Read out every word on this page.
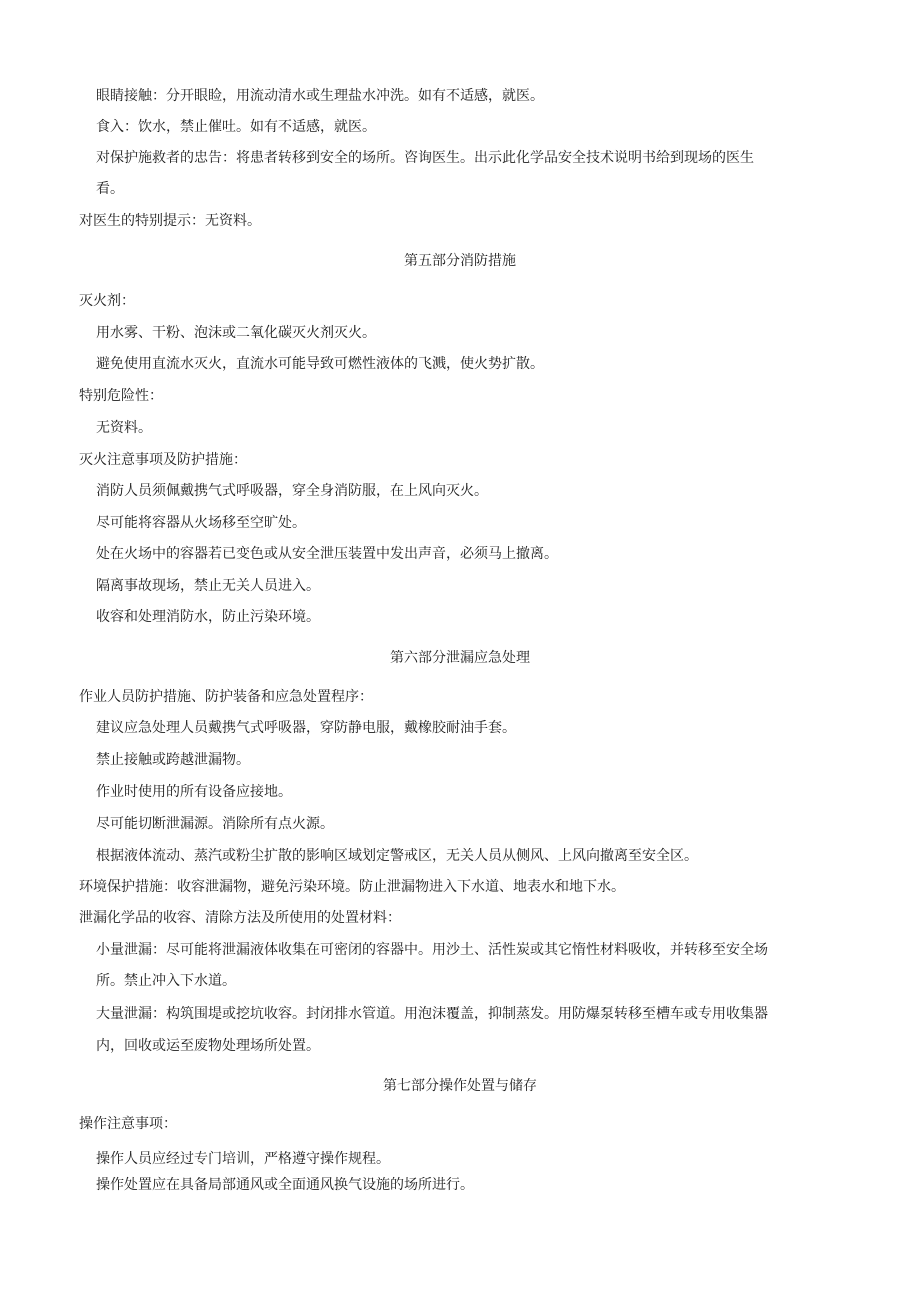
眼睛接触：分开眼睑，用流动清水或生理盐水冲洗。如有不适感，就医。

食入：饮水，禁止催吐。如有不适感，就医。

对保护施救者的忠告：将患者转移到安全的场所。咨询医生。出示此化学品安全技术说明书给到现场的医生

看。

对医生的特别提示：无资料。

第五部分消防措施

灭火剂：

用水雾、干粉、泡沫或二氧化碳灭火剂灭火。

避免使用直流水灭火，直流水可能导致可燃性液体的飞溅，使火势扩散。

特别危险性：

无资料。

灭火注意事项及防护措施：

消防人员须佩戴携气式呼吸器，穿全身消防服，在上风向灭火。

尽可能将容器从火场移至空旷处。

处在火场中的容器若已变色或从安全泄压装置中发出声音，必须马上撤离。

隔离事故现场，禁止无关人员进入。

收容和处理消防水，防止污染环境。

第六部分泄漏应急处理

作业人员防护措施、防护装备和应急处置程序：

建议应急处理人员戴携气式呼吸器，穿防静电服，戴橡胶耐油手套。

禁止接触或跨越泄漏物。

作业时使用的所有设备应接地。

尽可能切断泄漏源。消除所有点火源。

根据液体流动、蒸汽或粉尘扩散的影响区域划定警戒区，无关人员从侧风、上风向撤离至安全区。

环境保护措施：收容泄漏物，避免污染环境。防止泄漏物进入下水道、地表水和地下水。

泄漏化学品的收容、清除方法及所使用的处置材料：

小量泄漏：尽可能将泄漏液体收集在可密闭的容器中。用沙土、活性炭或其它惰性材料吸收，并转移至安全场

所。禁止冲入下水道。

大量泄漏：构筑围堤或挖坑收容。封闭排水管道。用泡沫覆盖，抑制蒸发。用防爆泵转移至槽车或专用收集器

内，回收或运至废物处理场所处置。

第七部分操作处置与储存

操作注意事项：

操作人员应经过专门培训，严格遵守操作规程。

操作处置应在具备局部通风或全面通风换气设施的场所进行。
